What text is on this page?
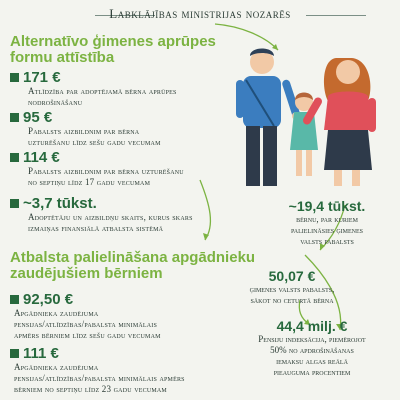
Labklājības ministrijas nozarēs
Alternatīvo ģimenes aprūpes
formu attīstība
171 €
Atlīdzība par adoptējamā bērna aprūpes
nodrošināšanu
95 €
Pabalsts aizbildnim par bērna
uzturēšanu līdz sešu gadu vecumam
114 €
Pabalsts aizbildnim par bērna uzturēšanu
no septiņu līdz 17 gadu vecumam
~3,7 tūkst.
Adoptētāju un aizbildņu skaits, kurus skars
izmaiņas finansiālā atbalsta sistēmā
~19,4 tūkst.
bērnu, par kuriem
palielināsies ģimenes
valsts pabalsts
Atbalsta palielināšana apgādnieku
zaudējušiem bērniem	50,07 €
ģimenes valsts pabalsts,
sākot no ceturtā bērna
92,50 €
Apgādnieka zaudējuma
pensijas/atlīdzības/pabalsta minimālais
apmērs bērniem līdz sešu gadu vecumam
111 €
Apgādnieka zaudējuma
pensijas/atlīdzības/pabalsta minimālais apmērs
bērniem no septiņu līdz 23 gadu vecumam
44,4 milj. €
Pensiju indeksācija, piemērojot
50% no apdrošināšanas
iemaksu algas reālā
pieauguma procentiem
